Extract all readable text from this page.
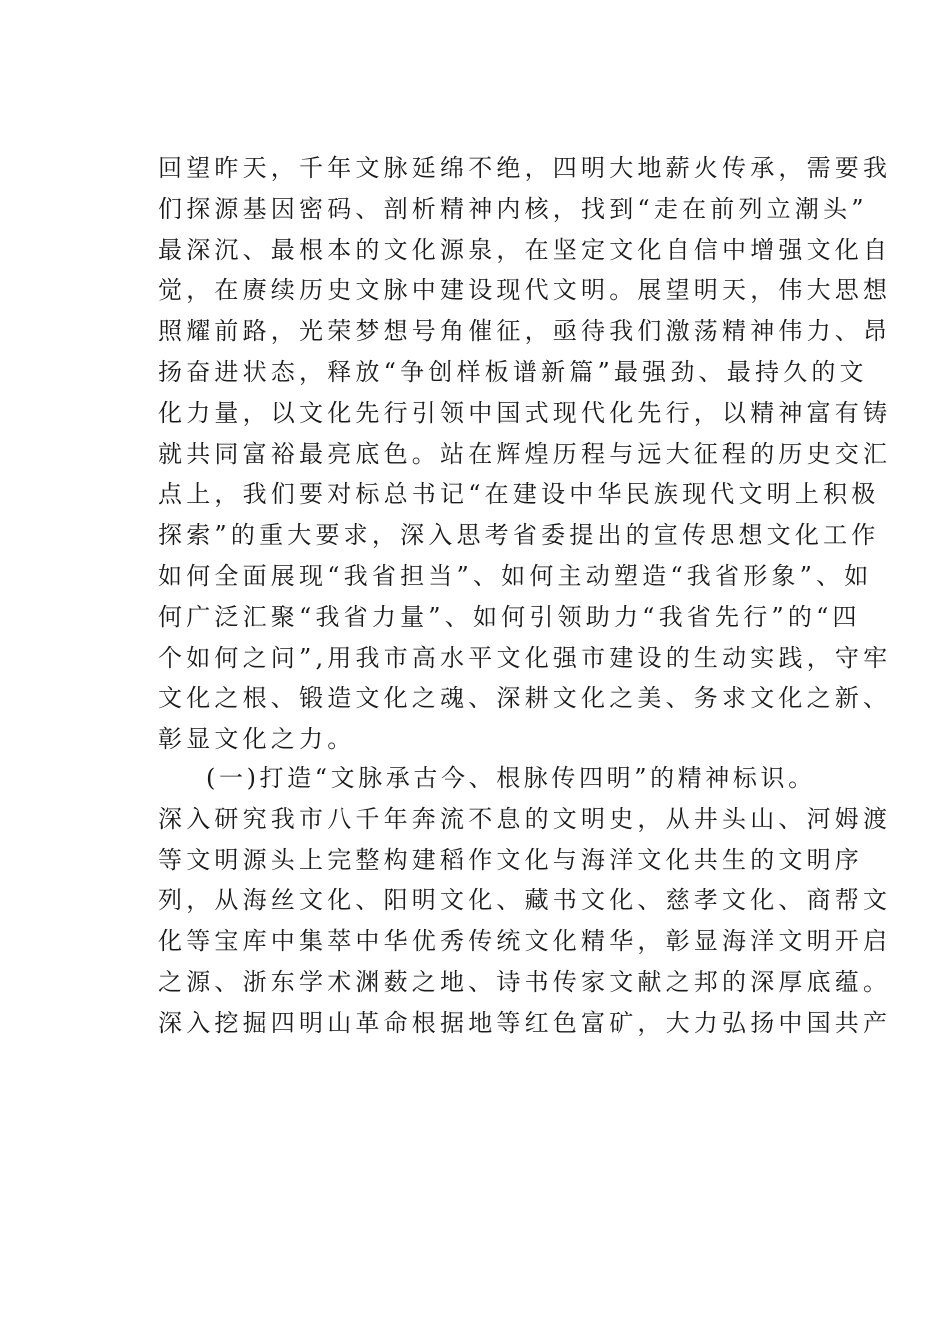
回望昨天，千年文脉延绵不绝，四明大地薪火传承，需要我
们探源基因密码、剖析精神内核，找到“走在前列立潮头”
最深沉、最根本的文化源泉，在坚定文化自信中增强文化自
觉，在赓续历史文脉中建设现代文明。展望明天，伟大思想
照耀前路，光荣梦想号角催征，亟待我们激荡精神伟力、昂
扬奋进状态，释放“争创样板谱新篇”最强劲、最持久的文
化力量，以文化先行引领中国式现代化先行，以精神富有铸
就共同富裕最亮底色。站在辉煌历程与远大征程的历史交汇
点上，我们要对标总书记“在建设中华民族现代文明上积极
探索”的重大要求，深入思考省委提出的宣传思想文化工作
如何全面展现“我省担当”、如何主动塑造“我省形象”、如
何广泛汇聚“我省力量”、如何引领助力“我省先行”的“四
个如何之问”,用我市高水平文化强市建设的生动实践，守牢
文化之根、锻造文化之魂、深耕文化之美、务求文化之新、
彰显文化之力。
(一)打造“文脉承古今、根脉传四明”的精神标识。
深入研究我市八千年奔流不息的文明史，从井头山、河姆渡
等文明源头上完整构建稻作文化与海洋文化共生的文明序
列，从海丝文化、阳明文化、藏书文化、慈孝文化、商帮文
化等宝库中集萃中华优秀传统文化精华，彰显海洋文明开启
之源、浙东学术渊薮之地、诗书传家文献之邦的深厚底蕴。
深入挖掘四明山革命根据地等红色富矿，大力弘扬中国共产
